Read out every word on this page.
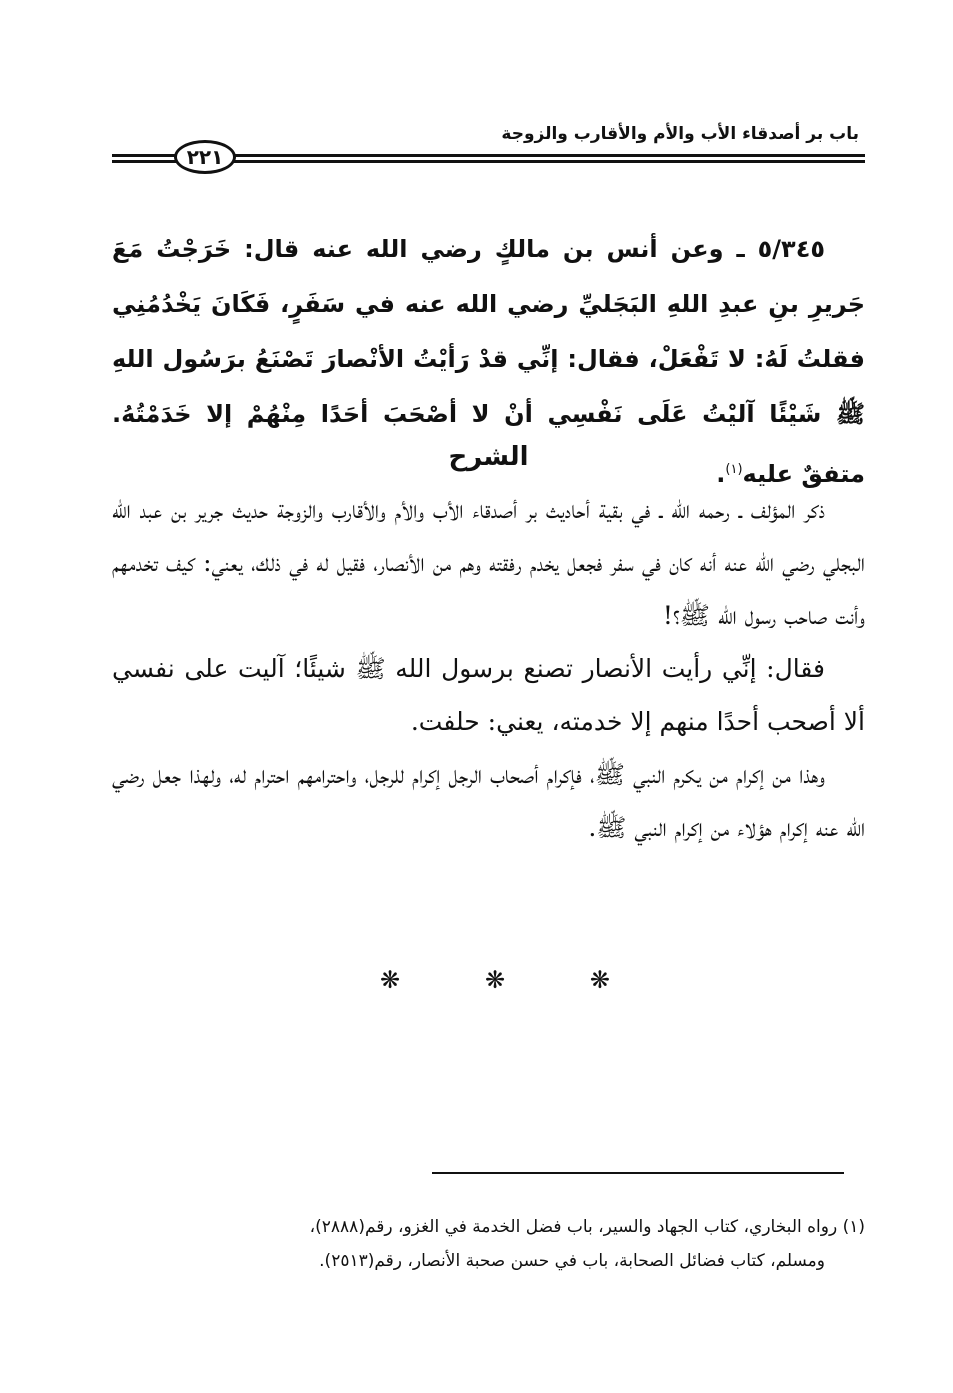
باب بر أصدقاء الأب والأم والأقارب والزوجة
٢٢١

٥/٣٤٥ ـ وعن أنس بن مالكٍ رضي الله عنه قال: خَرَجْتُ مَعَ جَريرِ بنِ عبدِ اللهِ البَجَليِّ رضي الله عنه في سَفَرٍ، فَكَانَ يَخْدُمُنِي فقلتُ لَهُ: لا تَفْعَلْ، فقال: إنِّي قدْ رَأيْتُ الأنْصارَ تَصْنَعُ برَسُول اللهِ ﷺ شَيْئًا آليْتُ عَلَى نَفْسِي أنْ لا أصْحَبَ أحَدًا مِنْهُمْ إلا خَدَمْتُهُ. متفقٌ عليه$^{(١)}$.

الشرح

ذكر المؤلف ـ رحمه الله ـ في بقية أحاديث بر أصدقاء الأب والأم والأقارب والزوجة حديث جرير بن عبد الله البجلي رضي الله عنه أنه كان في سفر فجعل يخدم رفقته وهم من الأنصار، فقيل له في ذلك، يعني: كيف تخدمهم وأنت صاحب رسول الله ﷺ؟!

فقال: إنِّي رأيت الأنصار تصنع برسول الله ﷺ شيئًا؛ آليت على نفسي ألا أصحب أحدًا منهم إلا خدمته، يعني: حلفت.

وهذا من إكرام من يكرم النبي ﷺ، فإكرام أصحاب الرجل إكرام للرجل، واحترامهم احترام له، ولهذا جعل رضي الله عنه إكرام هؤلاء من إكرام النبي ﷺ.

❋	❋	❋

(١) رواه البخاري، كتاب الجهاد والسير، باب فضل الخدمة في الغزو، رقم(٢٨٨٨)،

ومسلم، كتاب فضائل الصحابة، باب في حسن صحبة الأنصار، رقم(٢٥١٣).
